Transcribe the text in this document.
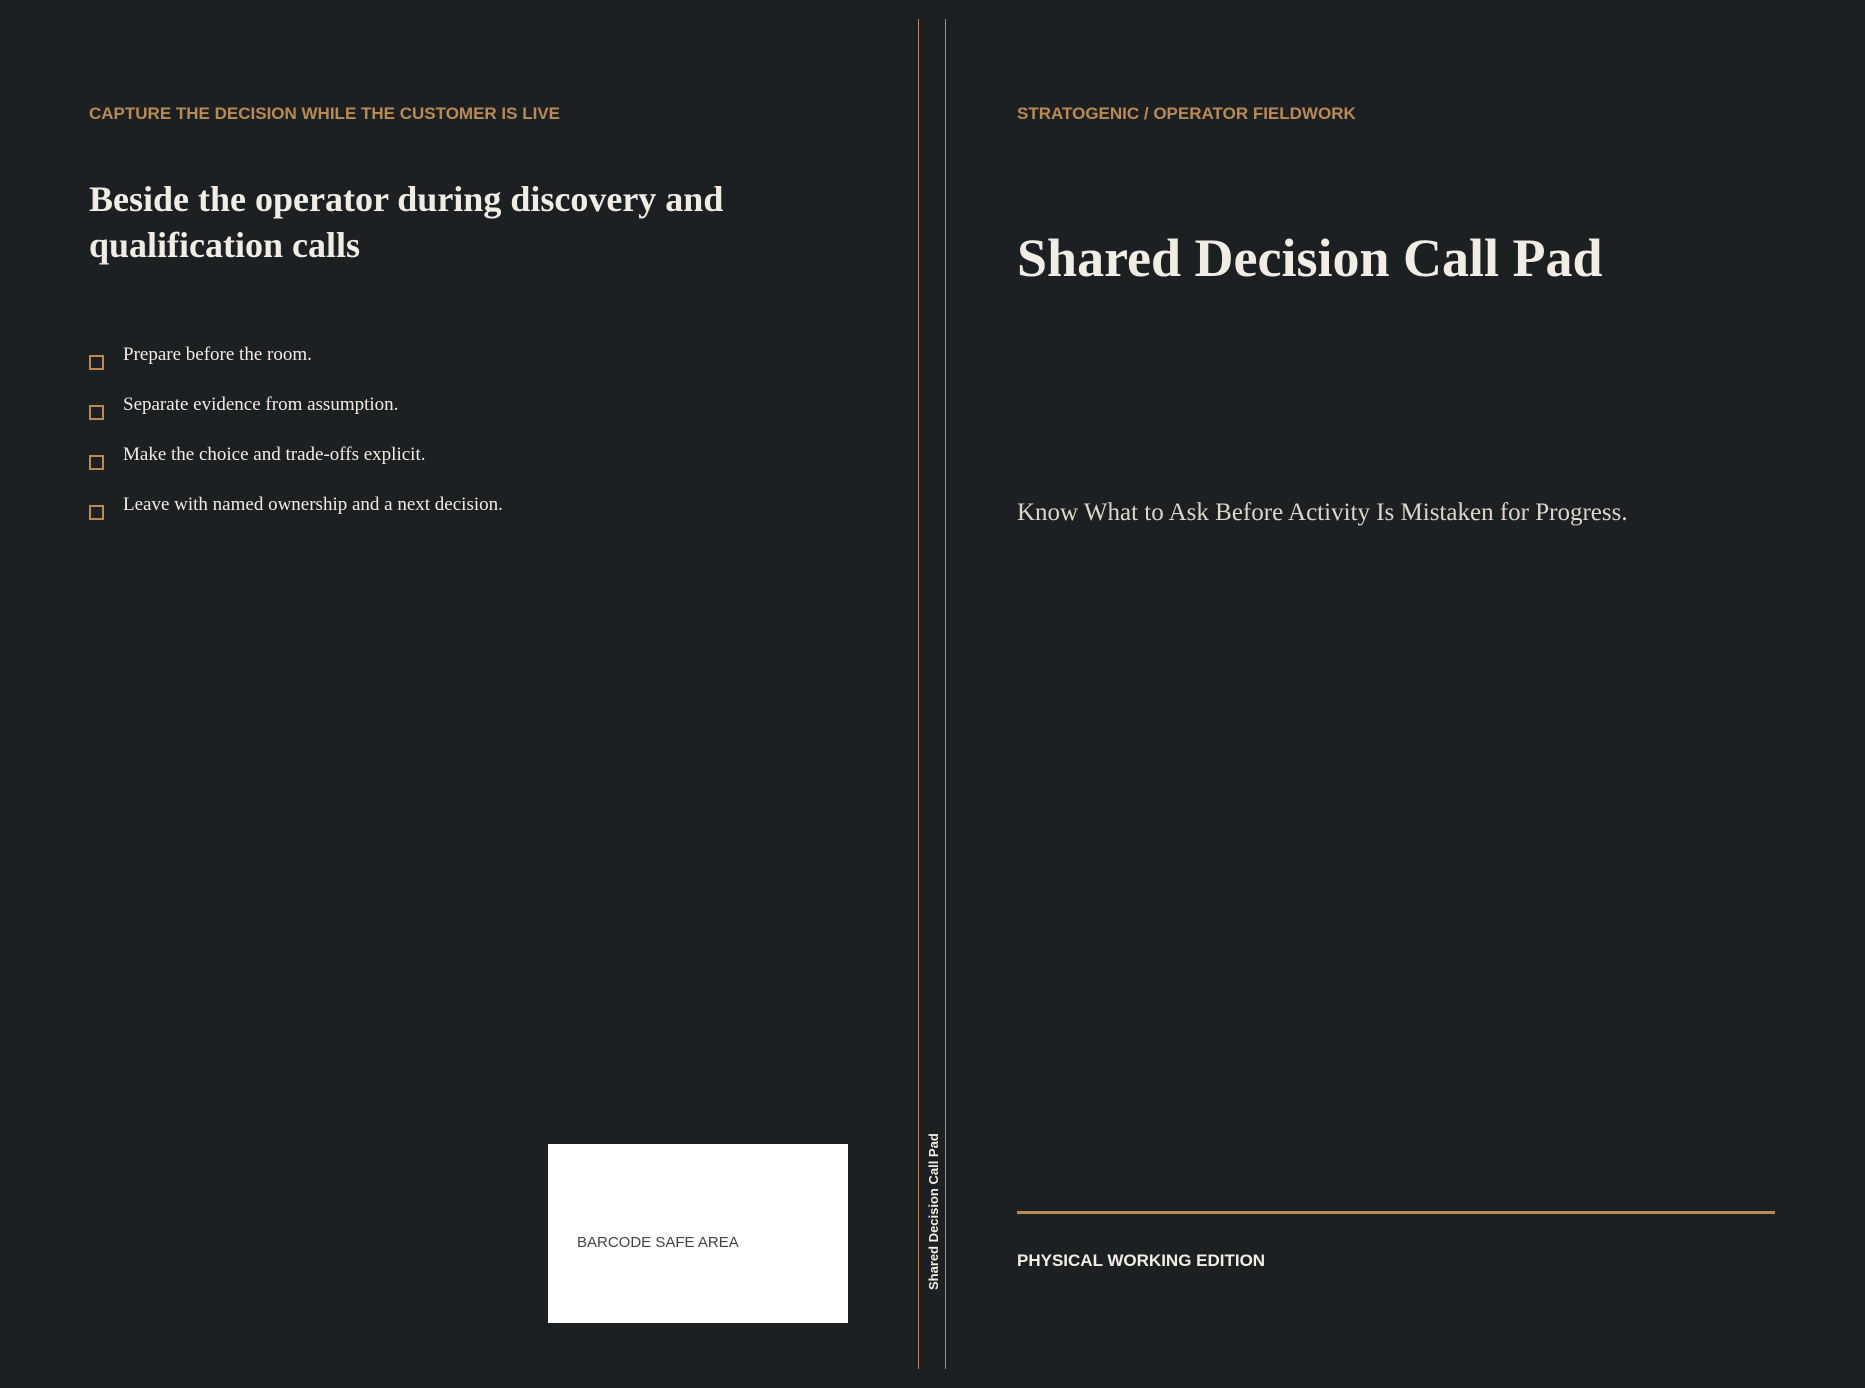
CAPTURE THE DECISION WHILE THE CUSTOMER IS LIVE

Beside the operator during discovery and qualification calls
Prepare before the room.
Separate evidence from assumption.
Make the choice and trade-offs explicit.
Leave with named ownership and a next decision.
BARCODE SAFE AREA	Shared Decision Call Pad

STRATOGENIC / OPERATOR FIELDWORK

Shared Decision Call Pad

Know What to Ask Before Activity Is Mistaken for Progress.

PHYSICAL WORKING EDITION
